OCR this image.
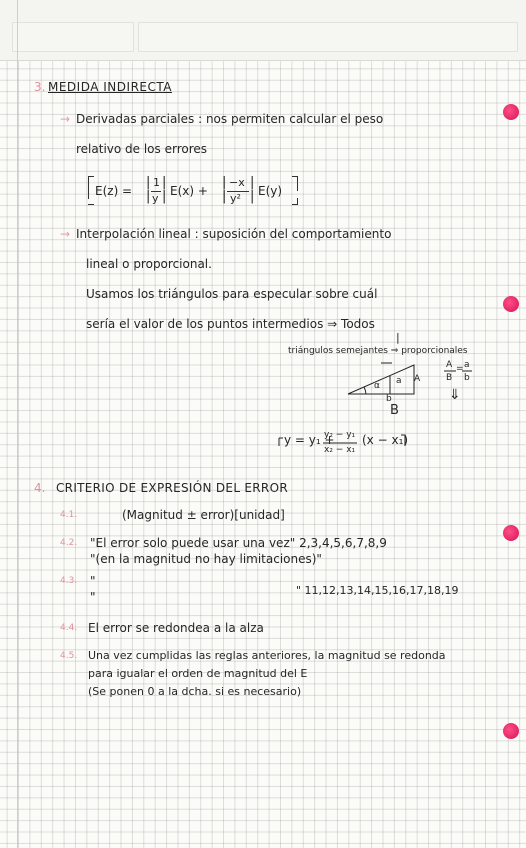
3. MEDIDA INDIRECTA
→ Derivadas parciales : nos permiten calcular el peso
relativo de los errores
E(z) =
|
|
1
y
|
| E(x) +
|
|
−x
y²
|
| E(y)
→ Interpolación lineal : suposición del comportamiento
lineal o proporcional.
Usamos los triángulos para especular sobre cuál
sería el valor de los puntos intermedios ⇒ Todos
|
triángulos semejantes ⇒ proporcionales
α a A
b
B
A = a
B b
⇓
y = y₁ +
y₂ − y₁
x₂ − x₁
(x − x₁)
4. CRITERIO DE EXPRESIÓN DEL ERROR
4.1.	(Magnitud ± error)[unidad]
4.2. "El error solo puede usar una vez" 2,3,4,5,6,7,8,9
"(en la magnitud no hay limitaciones)"
4.3. "
"	" 11,12,13,14,15,16,17,18,19
4.4. El error se redondea a la alza
4.5. Una vez cumplidas las reglas anteriores, la magnitud se redonda
para igualar el orden de magnitud del E
(Se ponen 0 a la dcha. si es necesario)
